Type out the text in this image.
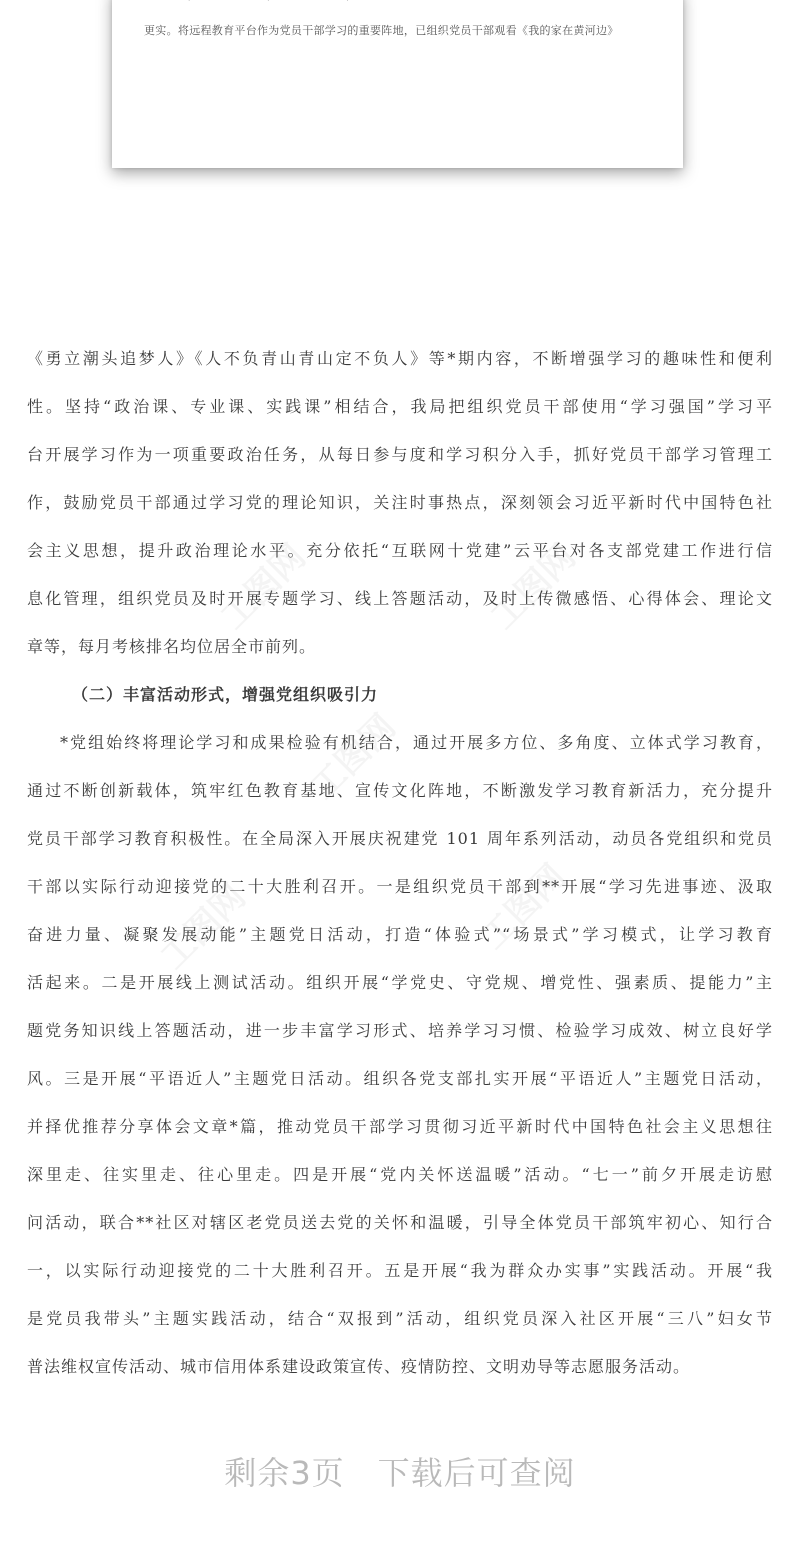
更实。将远程教育平台作为党员干部学习的重要阵地，已组织党员干部观看《我的家在黄河边》
《勇立潮头追梦人》《人不负青山青山定不负人》等*期内容，不断增强学习的趣味性和便利
性。坚持“政治课、专业课、实践课”相结合，我局把组织党员干部使用“学习强国”学习平
台开展学习作为一项重要政治任务，从每日参与度和学习积分入手，抓好党员干部学习管理工
作，鼓励党员干部通过学习党的理论知识，关注时事热点，深刻领会习近平新时代中国特色社
会主义思想，提升政治理论水平。充分依托“互联网十党建”云平台对各支部党建工作进行信
息化管理，组织党员及时开展专题学习、线上答题活动，及时上传微感悟、心得体会、理论文
章等，每月考核排名均位居全市前列。
（二）丰富活动形式，增强党组织吸引力
*党组始终将理论学习和成果检验有机结合，通过开展多方位、多角度、立体式学习教育，
通过不断创新载体，筑牢红色教育基地、宣传文化阵地，不断激发学习教育新活力，充分提升
党员干部学习教育积极性。在全局深入开展庆祝建党 101 周年系列活动，动员各党组织和党员
干部以实际行动迎接党的二十大胜利召开。一是组织党员干部到**开展“学习先进事迹、汲取
奋进力量、凝聚发展动能”主题党日活动，打造“体验式”“场景式”学习模式，让学习教育
活起来。二是开展线上测试活动。组织开展“学党史、守党规、增党性、强素质、提能力”主
题党务知识线上答题活动，进一步丰富学习形式、培养学习习惯、检验学习成效、树立良好学
风。三是开展“平语近人”主题党日活动。组织各党支部扎实开展“平语近人”主题党日活动，
并择优推荐分享体会文章*篇，推动党员干部学习贯彻习近平新时代中国特色社会主义思想往
深里走、往实里走、往心里走。四是开展“党内关怀送温暖”活动。“七一”前夕开展走访慰
问活动，联合**社区对辖区老党员送去党的关怀和温暖，引导全体党员干部筑牢初心、知行合
一，以实际行动迎接党的二十大胜利召开。五是开展“我为群众办实事”实践活动。开展“我
是党员我带头”主题实践活动，结合“双报到”活动，组织党员深入社区开展“三八”妇女节
普法维权宣传活动、城市信用体系建设政策宣传、疫情防控、文明劝导等志愿服务活动。
剩余3页　下载后可查阅
